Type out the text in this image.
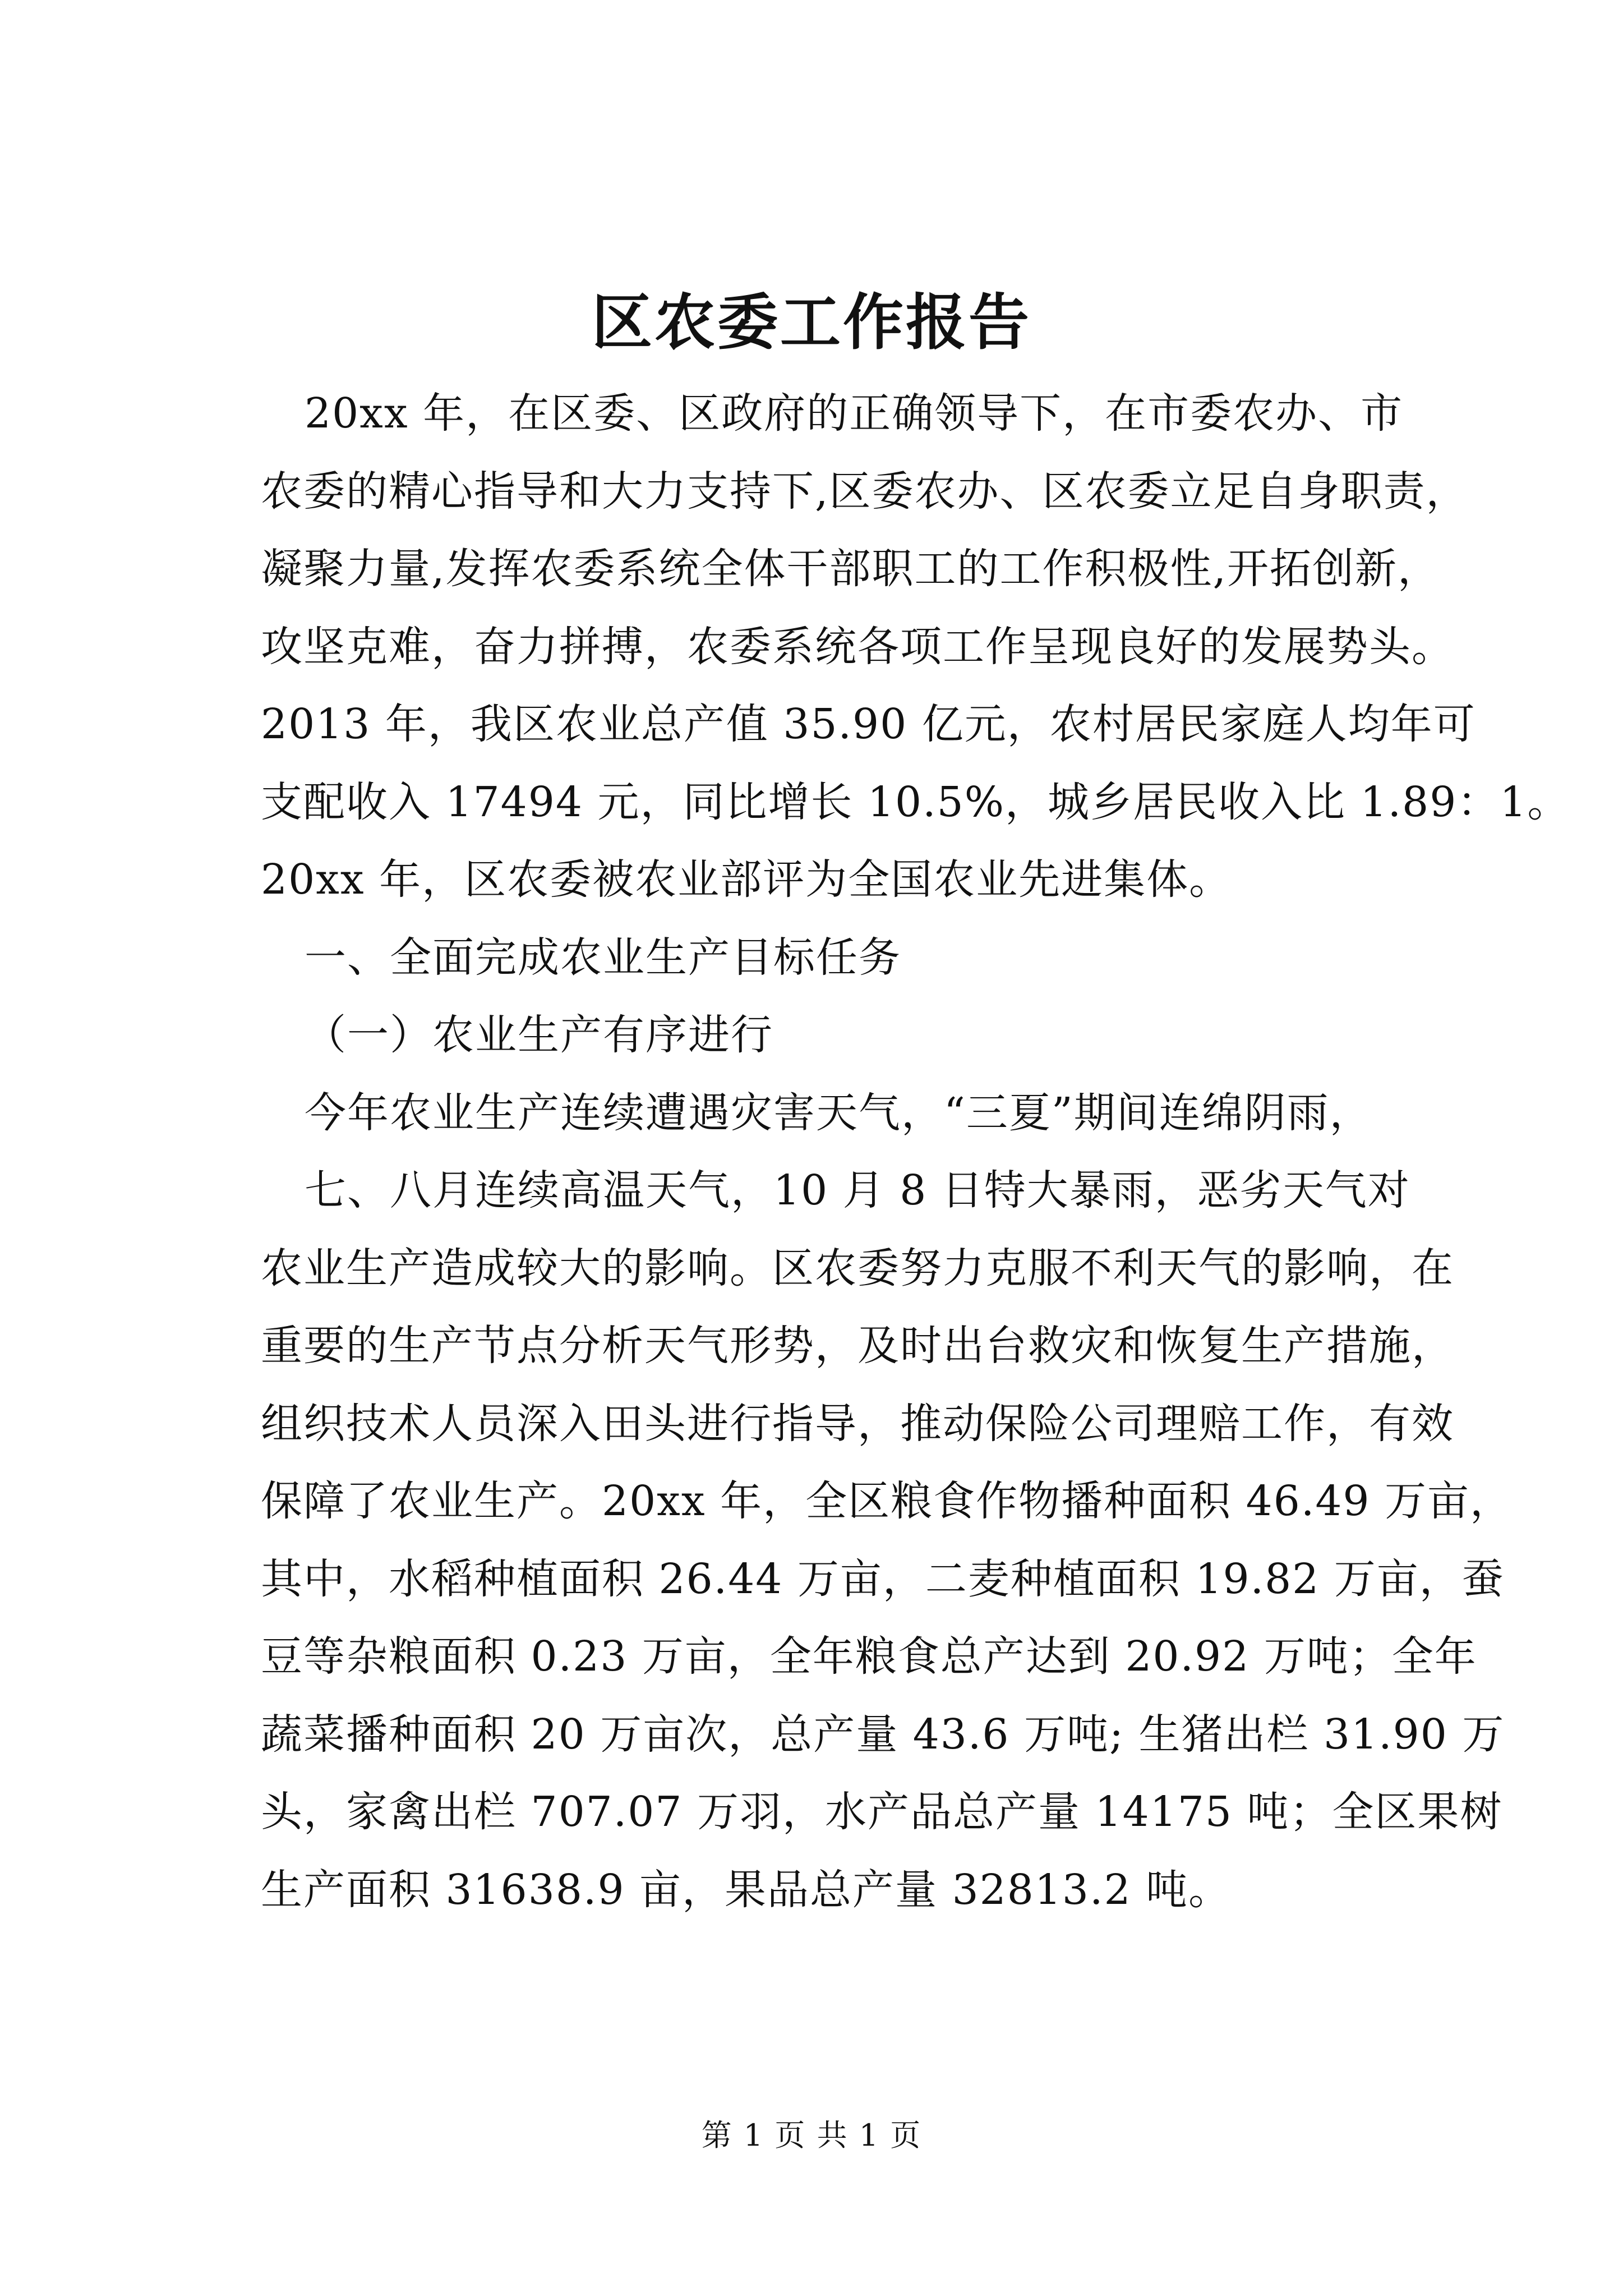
区农委工作报告
20xx 年，在区委、区政府的正确领导下，在市委农办、市
农委的精心指导和大力支持下,区委农办、区农委立足自身职责，
凝聚力量,发挥农委系统全体干部职工的工作积极性,开拓创新，
攻坚克难，奋力拼搏，农委系统各项工作呈现良好的发展势头。
2013 年，我区农业总产值 35.90 亿元，农村居民家庭人均年可
支配收入 17494 元，同比增长 10.5%，城乡居民收入比 1.89：1。
20xx 年，区农委被农业部评为全国农业先进集体。
一、全面完成农业生产目标任务
（一）农业生产有序进行
今年农业生产连续遭遇灾害天气，“三夏”期间连绵阴雨，
七、八月连续高温天气，10 月 8 日特大暴雨，恶劣天气对
农业生产造成较大的影响。区农委努力克服不利天气的影响，在
重要的生产节点分析天气形势，及时出台救灾和恢复生产措施，
组织技术人员深入田头进行指导，推动保险公司理赔工作，有效
保障了农业生产。20xx 年，全区粮食作物播种面积 46.49 万亩，
其中，水稻种植面积 26.44 万亩，二麦种植面积 19.82 万亩，蚕
豆等杂粮面积 0.23 万亩，全年粮食总产达到 20.92 万吨；全年
蔬菜播种面积 20 万亩次，总产量 43.6 万吨; 生猪出栏 31.90 万
头，家禽出栏 707.07 万羽，水产品总产量 14175 吨；全区果树
生产面积 31638.9 亩，果品总产量 32813.2 吨。
第 1 页 共 1 页
